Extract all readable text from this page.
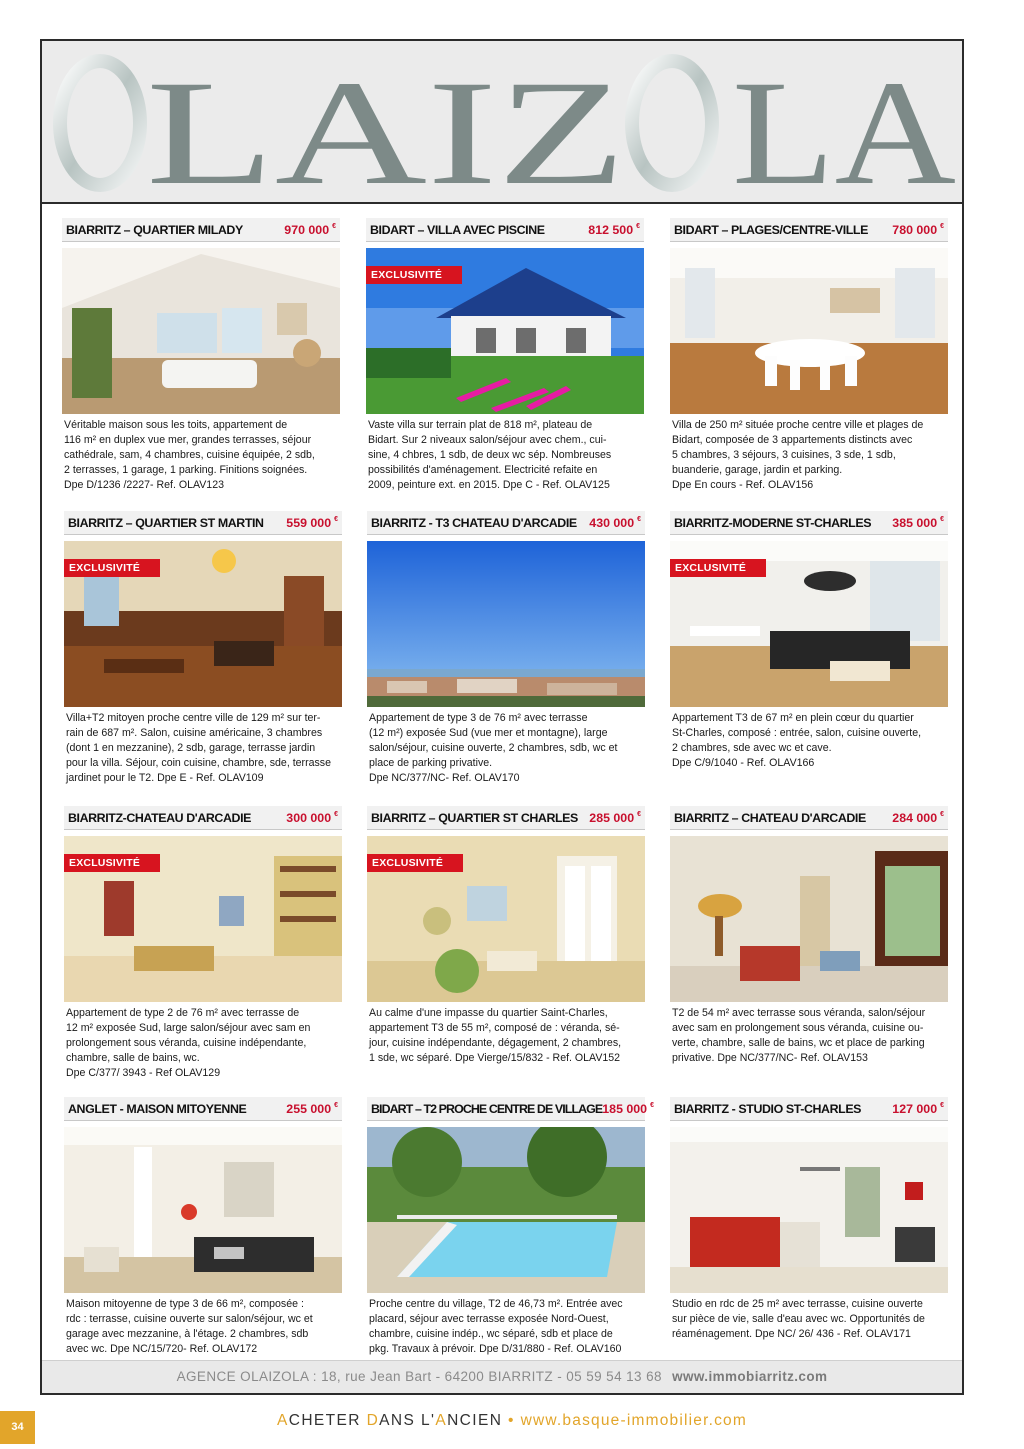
LAIZ LA
BIARRITZ – QUARTIER MILADY	970 000 €
Véritable maison sous les toits, appartement de
116 m² en duplex vue mer, grandes terrasses, séjour
cathédrale, sam, 4 chambres, cuisine équipée, 2 sdb,
2 terrasses, 1 garage, 1 parking. Finitions soignées.
Dpe D/1236 /2227- Ref. OLAV123
BIDART – VILLA AVEC PISCINE	812 500 €
EXCLUSIVITÉ
Vaste villa sur terrain plat de 818 m², plateau de
Bidart. Sur 2 niveaux salon/séjour avec chem., cui-
sine, 4 chbres, 1 sdb, de deux wc sép. Nombreuses
possibilités d'aménagement. Electricité refaite en
2009, peinture ext. en 2015. Dpe C - Ref. OLAV125
BIDART – PLAGES/CENTRE-VILLE 780 000 €
Villa de 250 m² située proche centre ville et plages de
Bidart, composée de 3 appartements distincts avec
5 chambres, 3 séjours, 3 cuisines, 3 sde, 1 sdb,
buanderie, garage, jardin et parking.
Dpe En cours - Ref. OLAV156
BIARRITZ – QUARTIER ST MARTIN 559 000 €
EXCLUSIVITÉ
Villa+T2 mitoyen proche centre ville de 129 m² sur ter-
rain de 687 m². Salon, cuisine américaine, 3 chambres
(dont 1 en mezzanine), 2 sdb, garage, terrasse jardin
pour la villa. Séjour, coin cuisine, chambre, sde, terrasse
jardinet pour le T2. Dpe E - Ref. OLAV109
BIARRITZ - T3 CHATEAU D'ARCADIE 430 000 €
Appartement de type 3 de 76 m² avec terrasse
(12 m²) exposée Sud (vue mer et montagne), large
salon/séjour, cuisine ouverte, 2 chambres, sdb, wc et
place de parking privative.
Dpe NC/377/NC- Ref. OLAV170
BIARRITZ-MODERNE ST-CHARLES 385 000 €
EXCLUSIVITÉ
Appartement T3 de 67 m² en plein cœur du quartier
St-Charles, composé : entrée, salon, cuisine ouverte,
2 chambres, sde avec wc et cave.
Dpe C/9/1040 - Ref. OLAV166
BIARRITZ-CHATEAU D'ARCADIE	300 000 €
EXCLUSIVITÉ
Appartement de type 2 de 76 m² avec terrasse de
12 m² exposée Sud, large salon/séjour avec sam en
prolongement sous véranda, cuisine indépendante,
chambre, salle de bains, wc.
Dpe C/377/ 3943 - Ref OLAV129
BIARRITZ – QUARTIER ST CHARLES 285 000 €
EXCLUSIVITÉ
Au calme d'une impasse du quartier Saint-Charles,
appartement T3 de 55 m², composé de : véranda, sé-
jour, cuisine indépendante, dégagement, 2 chambres,
1 sde, wc séparé. Dpe Vierge/15/832 - Ref. OLAV152
BIARRITZ – CHATEAU D'ARCADIE 284 000 €
T2 de 54 m² avec terrasse sous véranda, salon/séjour
avec sam en prolongement sous véranda, cuisine ou-
verte, chambre, salle de bains, wc et place de parking
privative. Dpe NC/377/NC- Ref. OLAV153
ANGLET - MAISON MITOYENNE	255 000 €
Maison mitoyenne de type 3 de 66 m², composée :
rdc : terrasse, cuisine ouverte sur salon/séjour, wc et
garage avec mezzanine, à l'étage. 2 chambres, sdb
avec wc. Dpe NC/15/720- Ref. OLAV172
BIDART – T2 PROCHE CENTRE DE VILLAGE 185 000 €
Proche centre du village, T2 de 46,73 m². Entrée avec
placard, séjour avec terrasse exposée Nord-Ouest,
chambre, cuisine indép., wc séparé, sdb et place de
pkg. Travaux à prévoir. Dpe D/31/880 - Ref. OLAV160
BIARRITZ - STUDIO ST-CHARLES	127 000 €
Studio en rdc de 25 m² avec terrasse, cuisine ouverte
sur pièce de vie, salle d'eau avec wc. Opportunités de
réaménagement. Dpe NC/ 26/ 436 - Ref. OLAV171
AGENCE OLAIZOLA : 18, rue Jean Bart - 64200 BIARRITZ - 05 59 54 13 68 www.immobiarritz.com
34	ACHETER DANS L'ANCIEN • www.basque-immobilier.com
